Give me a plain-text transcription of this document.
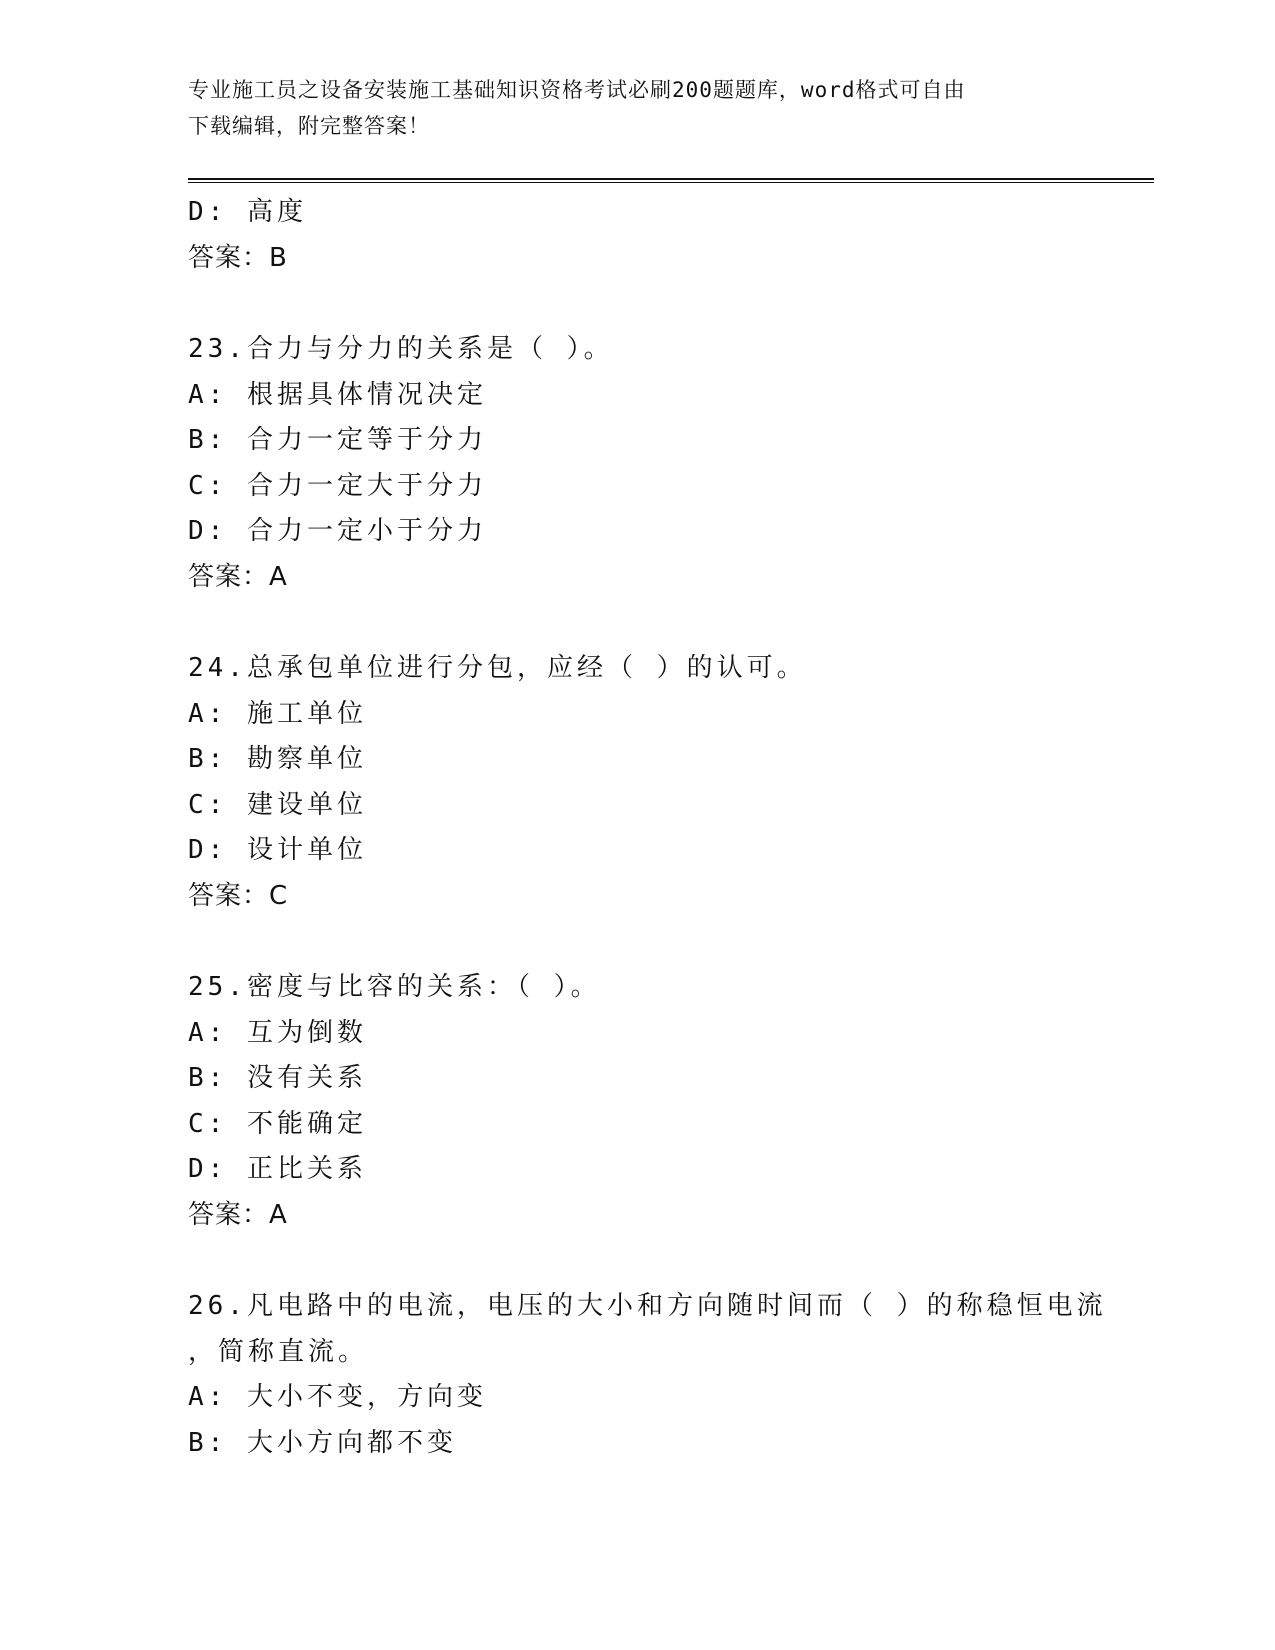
专业施工员之设备安装施工基础知识资格考试必刷200题题库，word格式可自由
下载编辑，附完整答案！
D: 高度
答案：B
23.合力与分力的关系是（ ）。
A: 根据具体情况决定
B: 合力一定等于分力
C: 合力一定大于分力
D: 合力一定小于分力
答案：A
24.总承包单位进行分包，应经（ ）的认可。
A: 施工单位
B: 勘察单位
C: 建设单位
D: 设计单位
答案：C
25.密度与比容的关系：（ ）。
A: 互为倒数
B: 没有关系
C: 不能确定
D: 正比关系
答案：A
26.凡电路中的电流，电压的大小和方向随时间而（ ）的称稳恒电流
，简称直流。
A: 大小不变，方向变
B: 大小方向都不变
